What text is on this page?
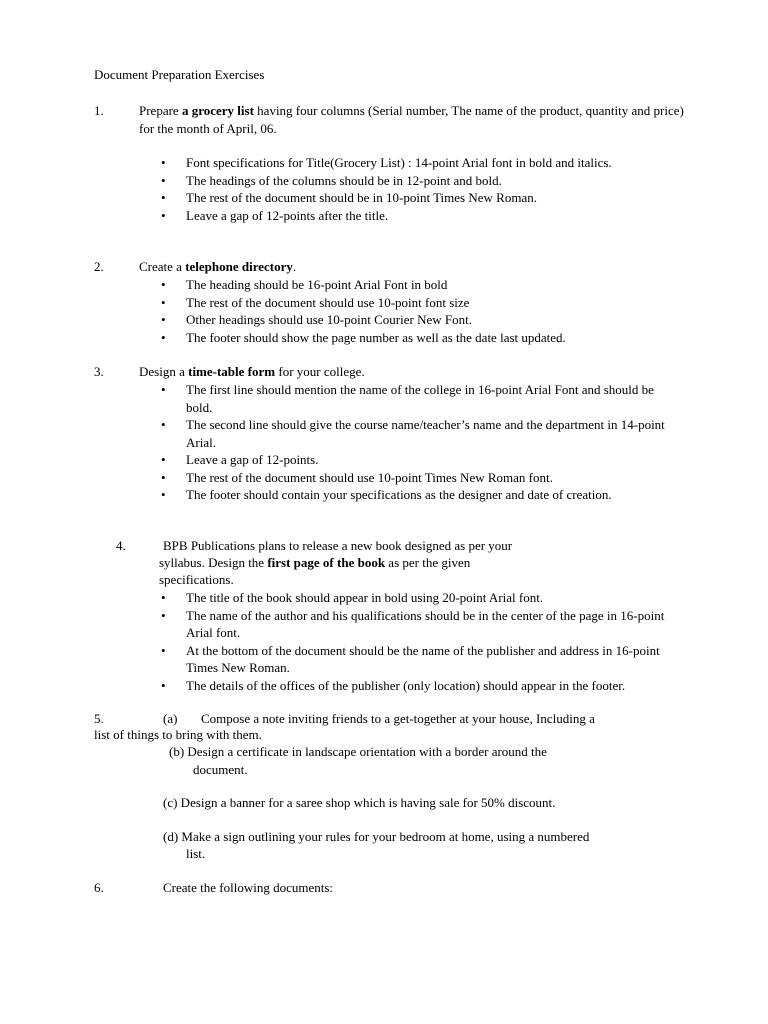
Document Preparation Exercises
1.	Prepare a grocery list having four columns (Serial number, The name of the product, quantity and price) for the month of April, 06.
• Font specifications for Title(Grocery List) : 14-point Arial font in bold and italics.
• The headings of the columns should be in 12-point and bold.
• The rest of the document should be in 10-point Times New Roman.
• Leave a gap of 12-points after the title.
2.	Create a telephone directory.
• The heading should be 16-point Arial Font in bold
• The rest of the document should use 10-point font size
• Other headings should use 10-point Courier New Font.
• The footer should show the page number as well as the date last updated.
3.	Design a time-table form for your college.
• The first line should mention the name of the college in 16-point Arial Font and should be bold.
• The second line should give the course name/teacher’s name and the department in 14-point Arial.
• Leave a gap of 12-points.
• The rest of the document should use 10-point Times New Roman font.
• The footer should contain your specifications as the designer and date of creation.
4.	BPB Publications plans to release a new book designed as per your
syllabus. Design the first page of the book as per the given
specifications.
• The title of the book should appear in bold using 20-point Arial font.
• The name of the author and his qualifications should be in the center of the page in 16-point Arial font.
• At the bottom of the document should be the name of the publisher and address in 16-point Times New Roman.
• The details of the offices of the publisher (only location) should appear in the footer.
5.	(a) Compose a note inviting friends to a get-together at your house, Including a
list of things to bring with them.
(b) Design a certificate in landscape orientation with a border around the
document.
(c) Design a banner for a saree shop which is having sale for 50% discount.
(d) Make a sign outlining your rules for your bedroom at home, using a numbered
list.
6.	Create the following documents:
